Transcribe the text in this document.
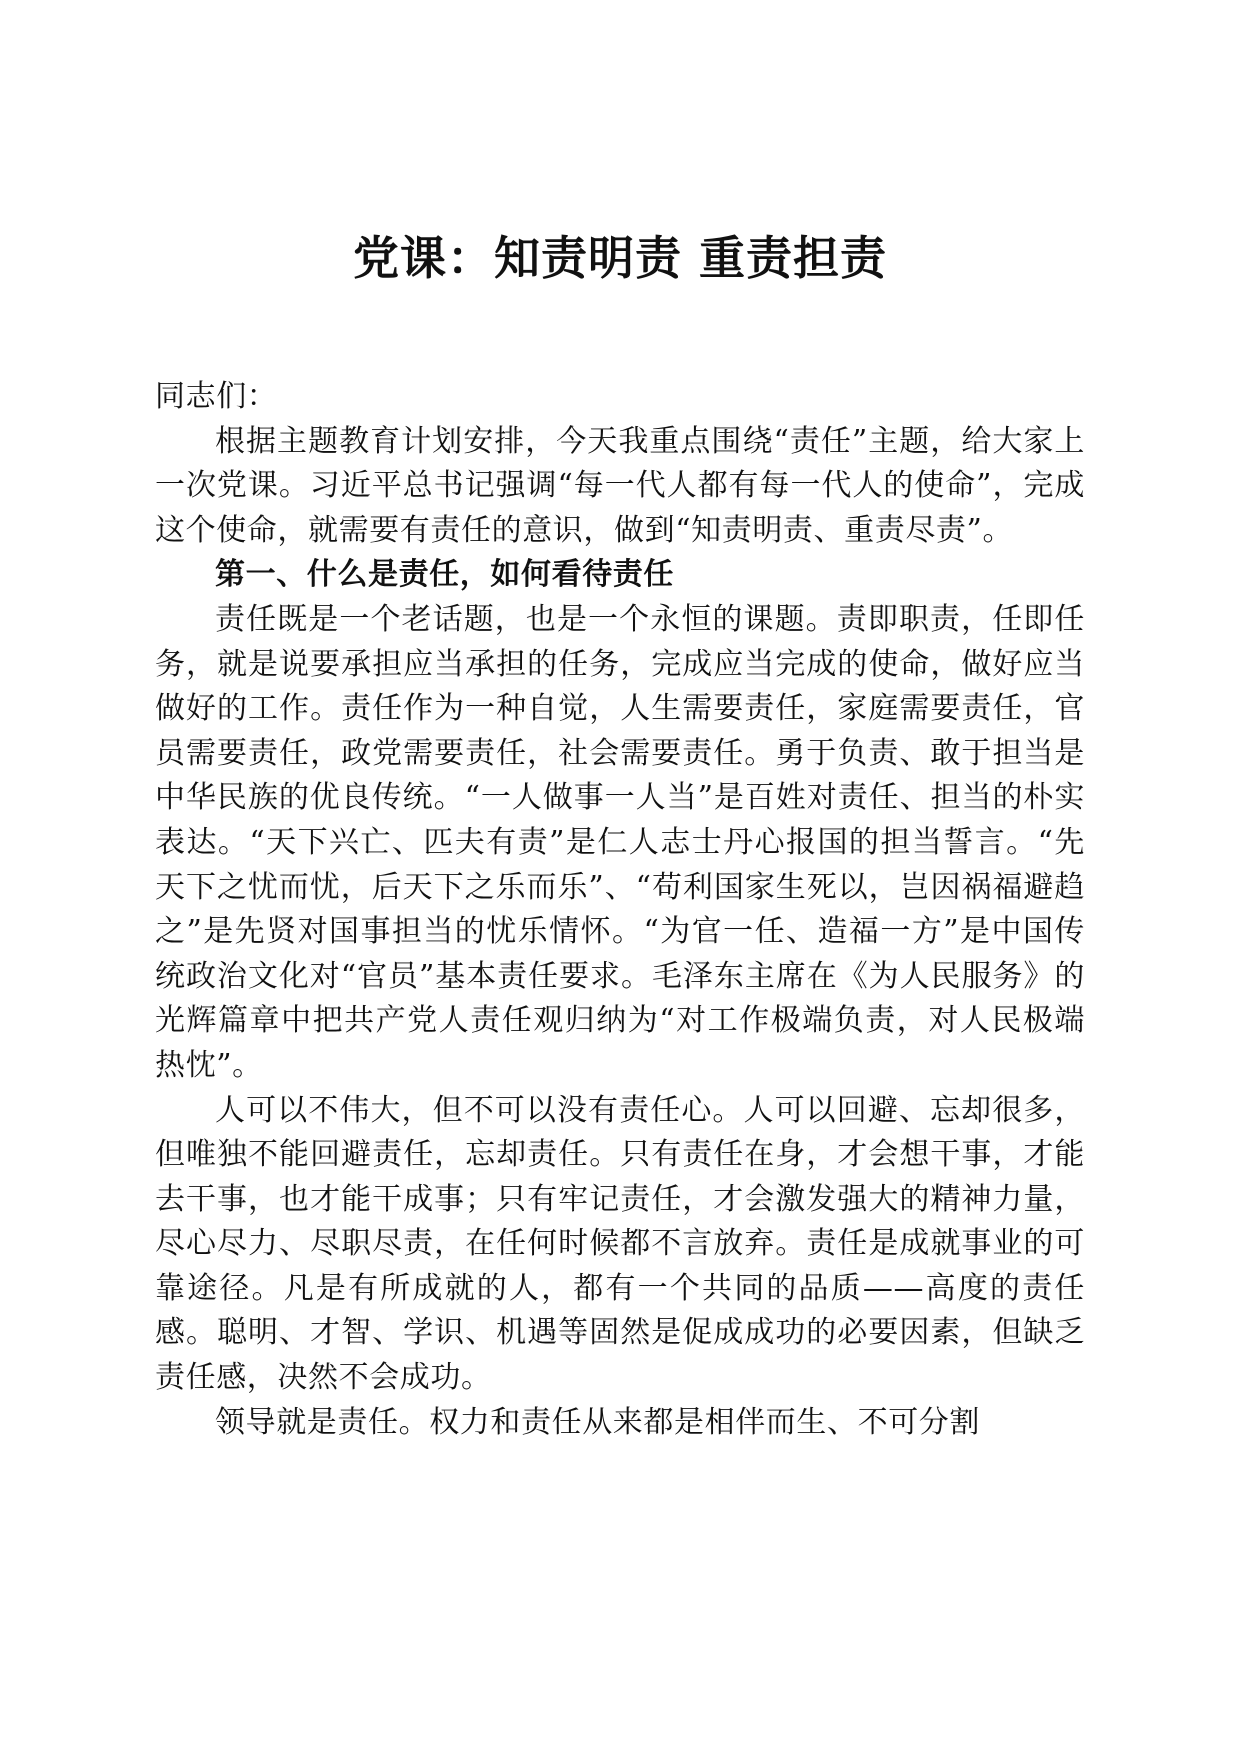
党课：知责明责 重责担责

同志们：

根据主题教育计划安排，今天我重点围绕“责任”主题，给大家上一次党课。习近平总书记强调“每一代人都有每一代人的使命”，完成这个使命，就需要有责任的意识，做到“知责明责、重责尽责”。

第一、什么是责任，如何看待责任

责任既是一个老话题，也是一个永恒的课题。责即职责，任即任务，就是说要承担应当承担的任务，完成应当完成的使命，做好应当做好的工作。责任作为一种自觉，人生需要责任，家庭需要责任，官员需要责任，政党需要责任，社会需要责任。勇于负责、敢于担当是中华民族的优良传统。“一人做事一人当”是百姓对责任、担当的朴实表达。“天下兴亡、匹夫有责”是仁人志士丹心报国的担当誓言。“先天下之忧而忧，后天下之乐而乐”、“苟利国家生死以，岂因祸福避趋之”是先贤对国事担当的忧乐情怀。“为官一任、造福一方”是中国传统政治文化对“官员”基本责任要求。毛泽东主席在《为人民服务》的光辉篇章中把共产党人责任观归纳为“对工作极端负责，对人民极端热忱”。

人可以不伟大，但不可以没有责任心。人可以回避、忘却很多，但唯独不能回避责任，忘却责任。只有责任在身，才会想干事，才能去干事，也才能干成事；只有牢记责任，才会激发强大的精神力量，尽心尽力、尽职尽责，在任何时候都不言放弃。责任是成就事业的可靠途径。凡是有所成就的人，都有一个共同的品质——高度的责任感。聪明、才智、学识、机遇等固然是促成成功的必要因素，但缺乏责任感，决然不会成功。

领导就是责任。权力和责任从来都是相伴而生、不可分割
